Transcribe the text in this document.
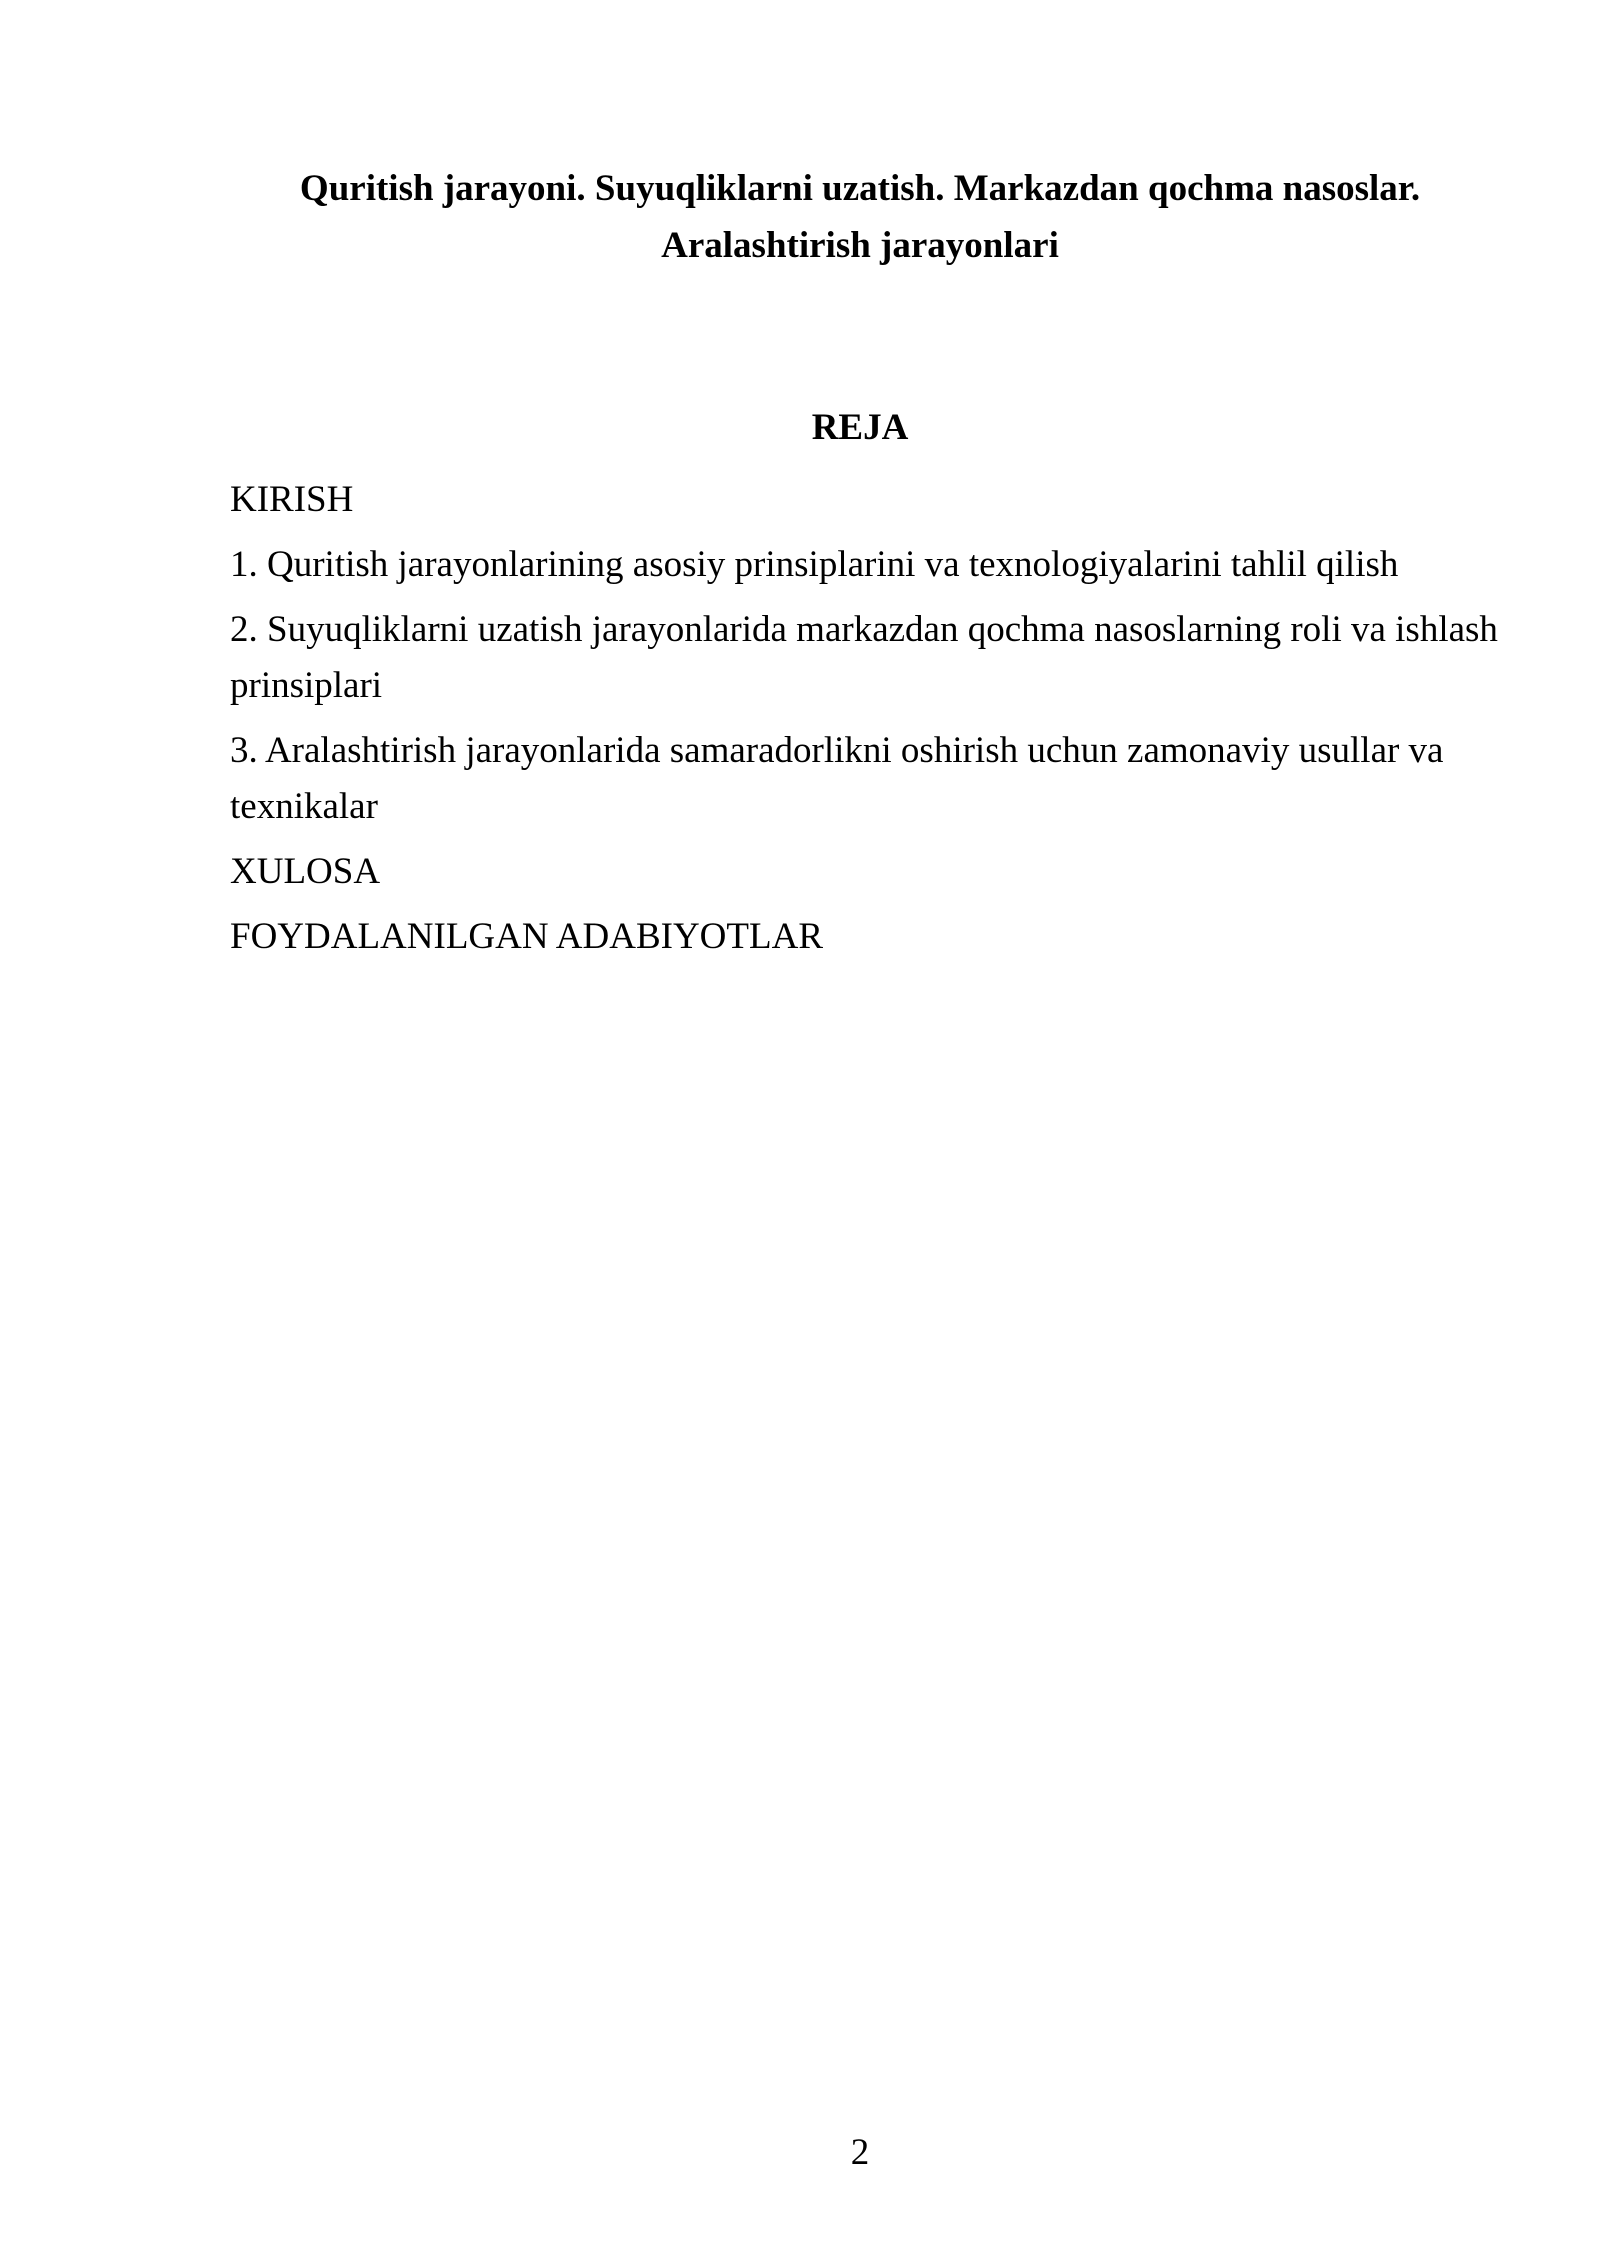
Quritish jarayoni. Suyuqliklarni uzatish. Markazdan qochma nasoslar.
Aralashtirish jarayonlari
REJA
KIRISH
1. Quritish jarayonlarining asosiy prinsiplarini va texnologiyalarini tahlil qilish
2. Suyuqliklarni uzatish jarayonlarida markazdan qochma nasoslarning roli va ishlash prinsiplari
3. Aralashtirish jarayonlarida samaradorlikni oshirish uchun zamonaviy usullar va texnikalar
XULOSA
FOYDALANILGAN ADABIYOTLAR
2
